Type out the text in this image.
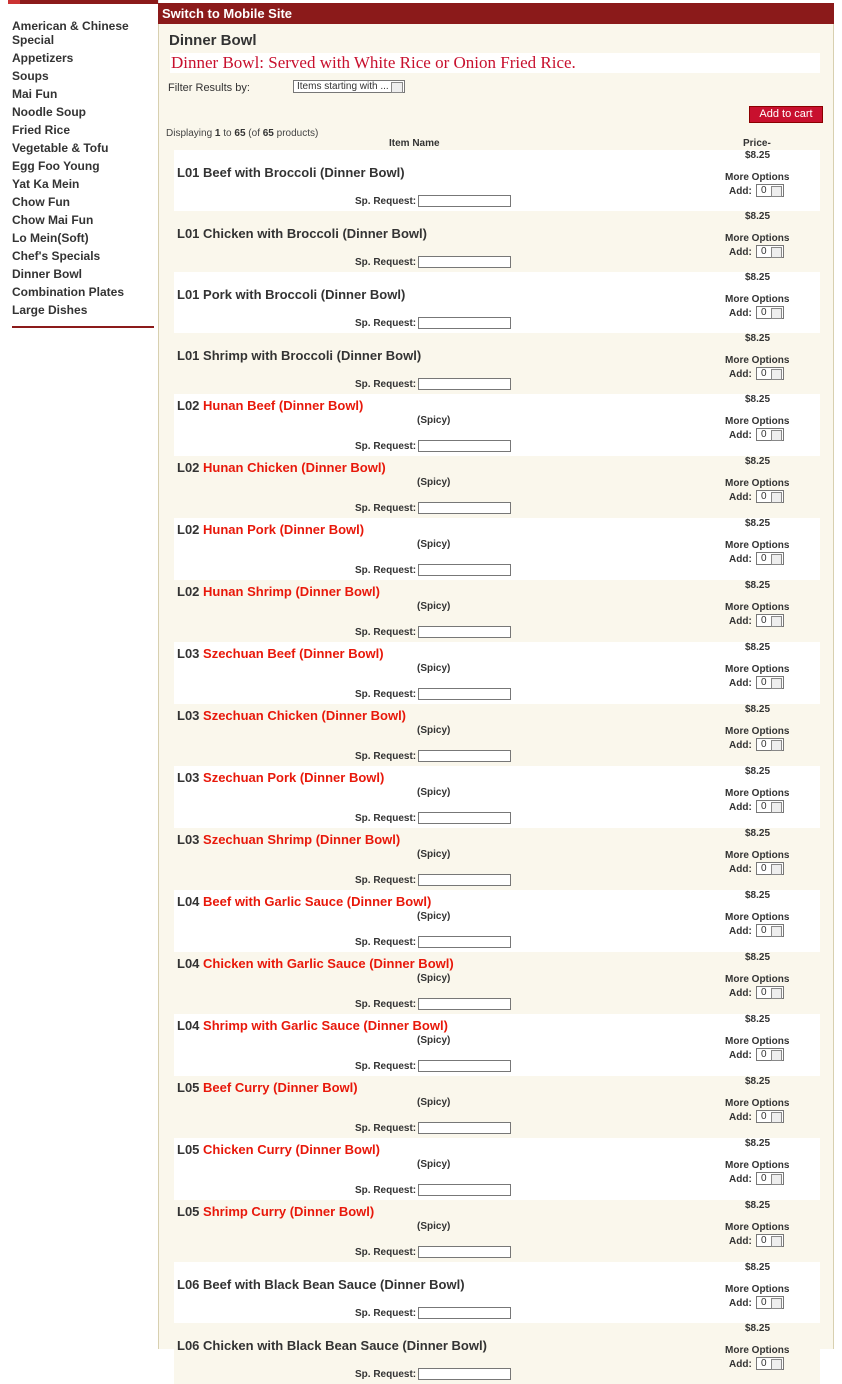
American & Chinese Special
Appetizers
Soups
Mai Fun
Noodle Soup
Fried Rice
Vegetable & Tofu
Egg Foo Young
Yat Ka Mein
Chow Fun
Chow Mai Fun
Lo Mein(Soft)
Chef's Specials
Dinner Bowl
Combination Plates
Large Dishes
Switch to Mobile Site
Dinner Bowl
Dinner Bowl: Served with White Rice or Onion Fried Rice.
Filter Results by:	Items starting with ...
Add to cart
Displaying 1 to 65 (of 65 products)
Item Name	Price-
L01 Beef with Broccoli (Dinner Bowl)
Sp. Request:
$8.25
More Options
Add: 0
L01 Chicken with Broccoli (Dinner Bowl)
Sp. Request:
$8.25
More Options
Add: 0
L01 Pork with Broccoli (Dinner Bowl)
Sp. Request:
$8.25
More Options
Add: 0
L01 Shrimp with Broccoli (Dinner Bowl)
Sp. Request:
$8.25
More Options
Add: 0
L02 Hunan Beef (Dinner Bowl)
(Spicy)
Sp. Request:
$8.25
More Options
Add: 0
L02 Hunan Chicken (Dinner Bowl)
(Spicy)
Sp. Request:
$8.25
More Options
Add: 0
L02 Hunan Pork (Dinner Bowl)
(Spicy)
Sp. Request:
$8.25
More Options
Add: 0
L02 Hunan Shrimp (Dinner Bowl)
(Spicy)
Sp. Request:
$8.25
More Options
Add: 0
L03 Szechuan Beef (Dinner Bowl)
(Spicy)
Sp. Request:
$8.25
More Options
Add: 0
L03 Szechuan Chicken (Dinner Bowl)
(Spicy)
Sp. Request:
$8.25
More Options
Add: 0
L03 Szechuan Pork (Dinner Bowl)
(Spicy)
Sp. Request:
$8.25
More Options
Add: 0
L03 Szechuan Shrimp (Dinner Bowl)
(Spicy)
Sp. Request:
$8.25
More Options
Add: 0
L04 Beef with Garlic Sauce (Dinner Bowl)
(Spicy)
Sp. Request:
$8.25
More Options
Add: 0
L04 Chicken with Garlic Sauce (Dinner Bowl)
(Spicy)
Sp. Request:
$8.25
More Options
Add: 0
L04 Shrimp with Garlic Sauce (Dinner Bowl)
(Spicy)
Sp. Request:
$8.25
More Options
Add: 0
L05 Beef Curry (Dinner Bowl)
(Spicy)
Sp. Request:
$8.25
More Options
Add: 0
L05 Chicken Curry (Dinner Bowl)
(Spicy)
Sp. Request:
$8.25
More Options
Add: 0
L05 Shrimp Curry (Dinner Bowl)
(Spicy)
Sp. Request:
$8.25
More Options
Add: 0
L06 Beef with Black Bean Sauce (Dinner Bowl)
Sp. Request:
$8.25
More Options
Add: 0
L06 Chicken with Black Bean Sauce (Dinner Bowl)
Sp. Request:
$8.25
More Options
Add: 0
